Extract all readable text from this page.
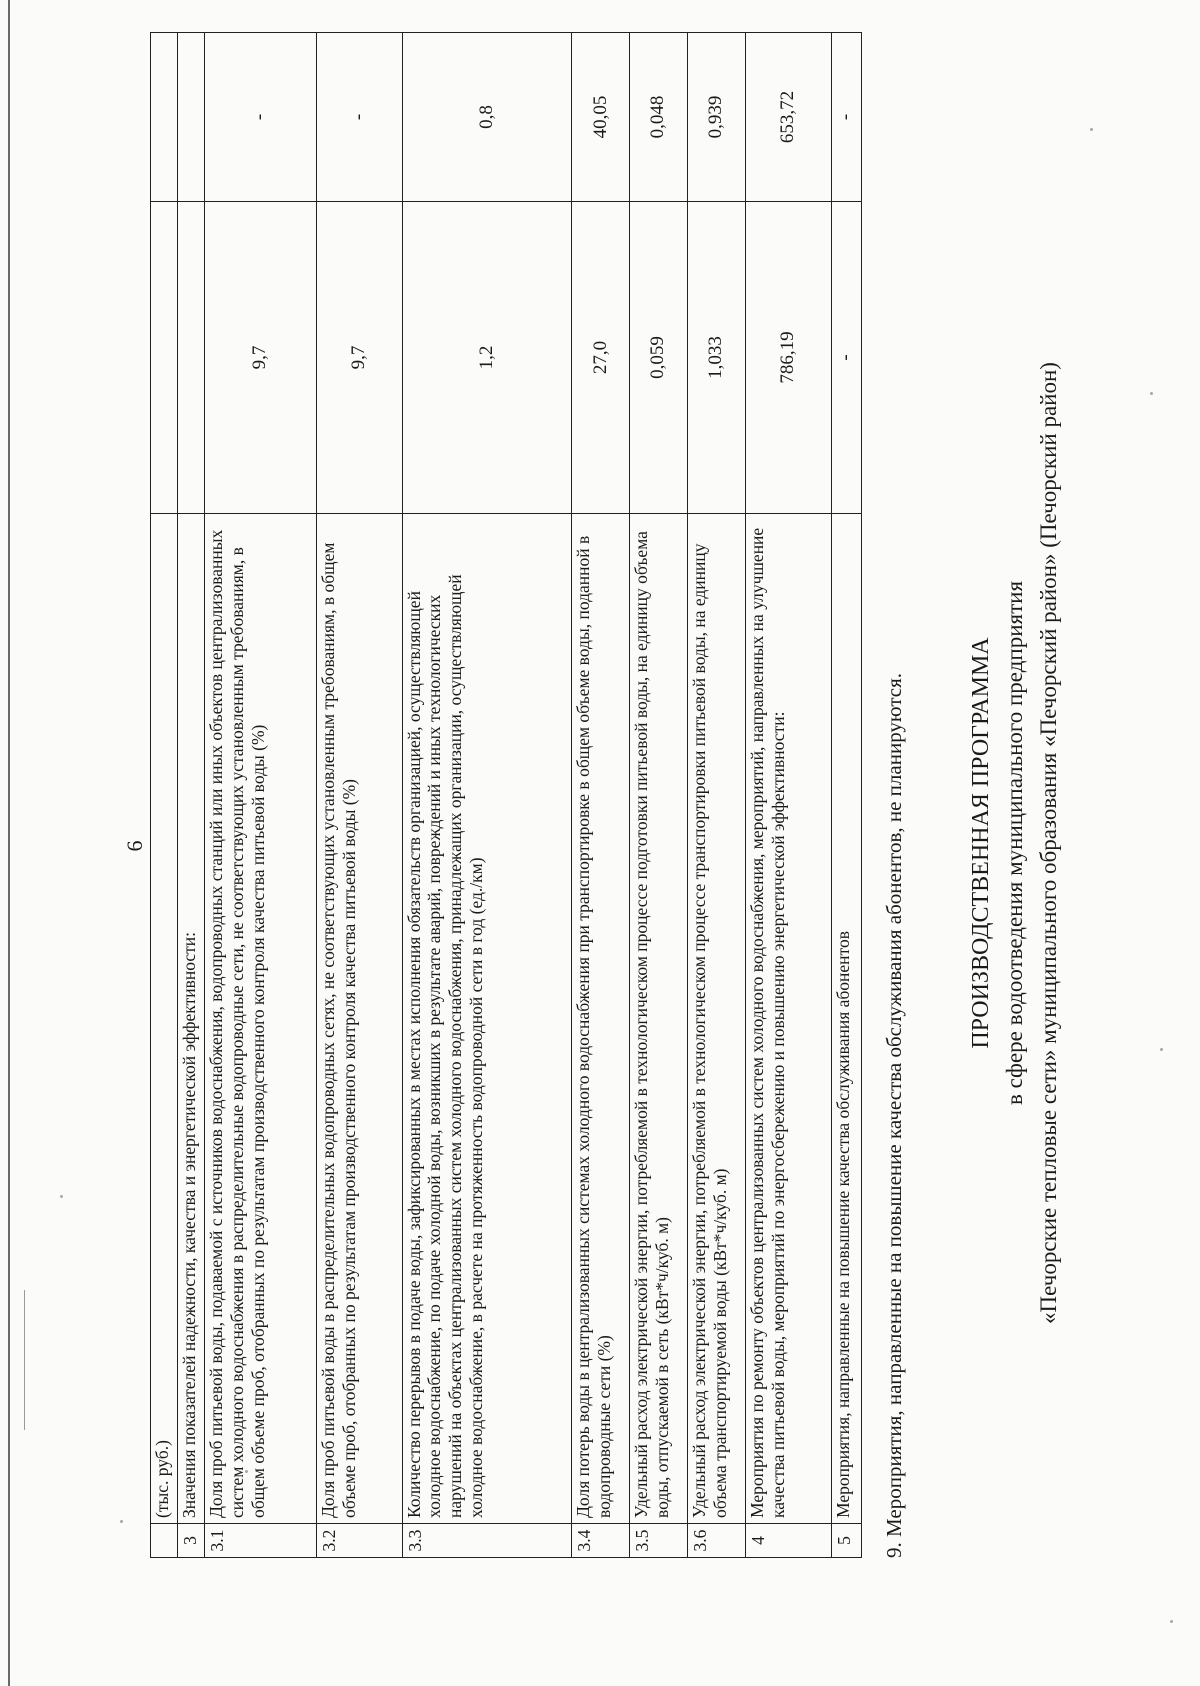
6
	(тыс. руб.)		
3	Значения показателей надежности, качества и энергетической эффективности:		
3.1	Доля проб питьевой воды, подаваемой с источников водоснабжения, водопроводных станций или иных объектов централизованных систем холодного водоснабжения в распределительные водопроводные сети, не соответствующих установленным требованиям, в общем объеме проб, отобранных по результатам производственного контроля качества питьевой воды (%)	9,7	-
3.2	Доля проб питьевой воды в распределительных водопроводных сетях, не соответствующих установленным требованиям, в общем объеме проб, отобранных по результатам производственного контроля качества питьевой воды (%)	9,7	-
3.3	Количество перерывов в подаче воды, зафиксированных в местах исполнения обязательств организацией, осуществляющей холодное водоснабжение, по подаче холодной воды, возникших в результате аварий, повреждений и иных технологических нарушений на объектах централизованных систем холодного водоснабжения, принадлежащих организации, осуществляющей холодное водоснабжение, в расчете на протяженность водопроводной сети в год (ед./км)	1,2	0,8
3.4	Доля потерь воды в централизованных системах холодного водоснабжения при транспортировке в общем объеме воды, поданной в водопроводные сети (%)	27,0	40,05
3.5	Удельный расход электрической энергии, потребляемой в технологическом процессе подготовки питьевой воды, на единицу объема воды, отпускаемой в сеть (кВт*ч/куб. м)	0,059	0,048
3.6	Удельный расход электрической энергии, потребляемой в технологическом процессе транспортировки питьевой воды, на единицу объема транспортируемой воды (кВт*ч/куб. м)	1,033	0,939
4	Мероприятия по ремонту объектов централизованных систем холодного водоснабжения, мероприятий, направленных на улучшение качества питьевой воды, мероприятий по энергосбережению и повышению энергетической эффективности:	786,19	653,72
5	Мероприятия, направленные на повышение качества обслуживания абонентов	-	-
9. Мероприятия, направленные на повышение качества обслуживания абонентов, не планируются.	ПРОИЗВОДСТВЕННАЯ ПРОГРАММА в сфере водоотведения муниципального предприятия «Печорские тепловые сети» муниципального образования «Печорский район» (Печорский район)
